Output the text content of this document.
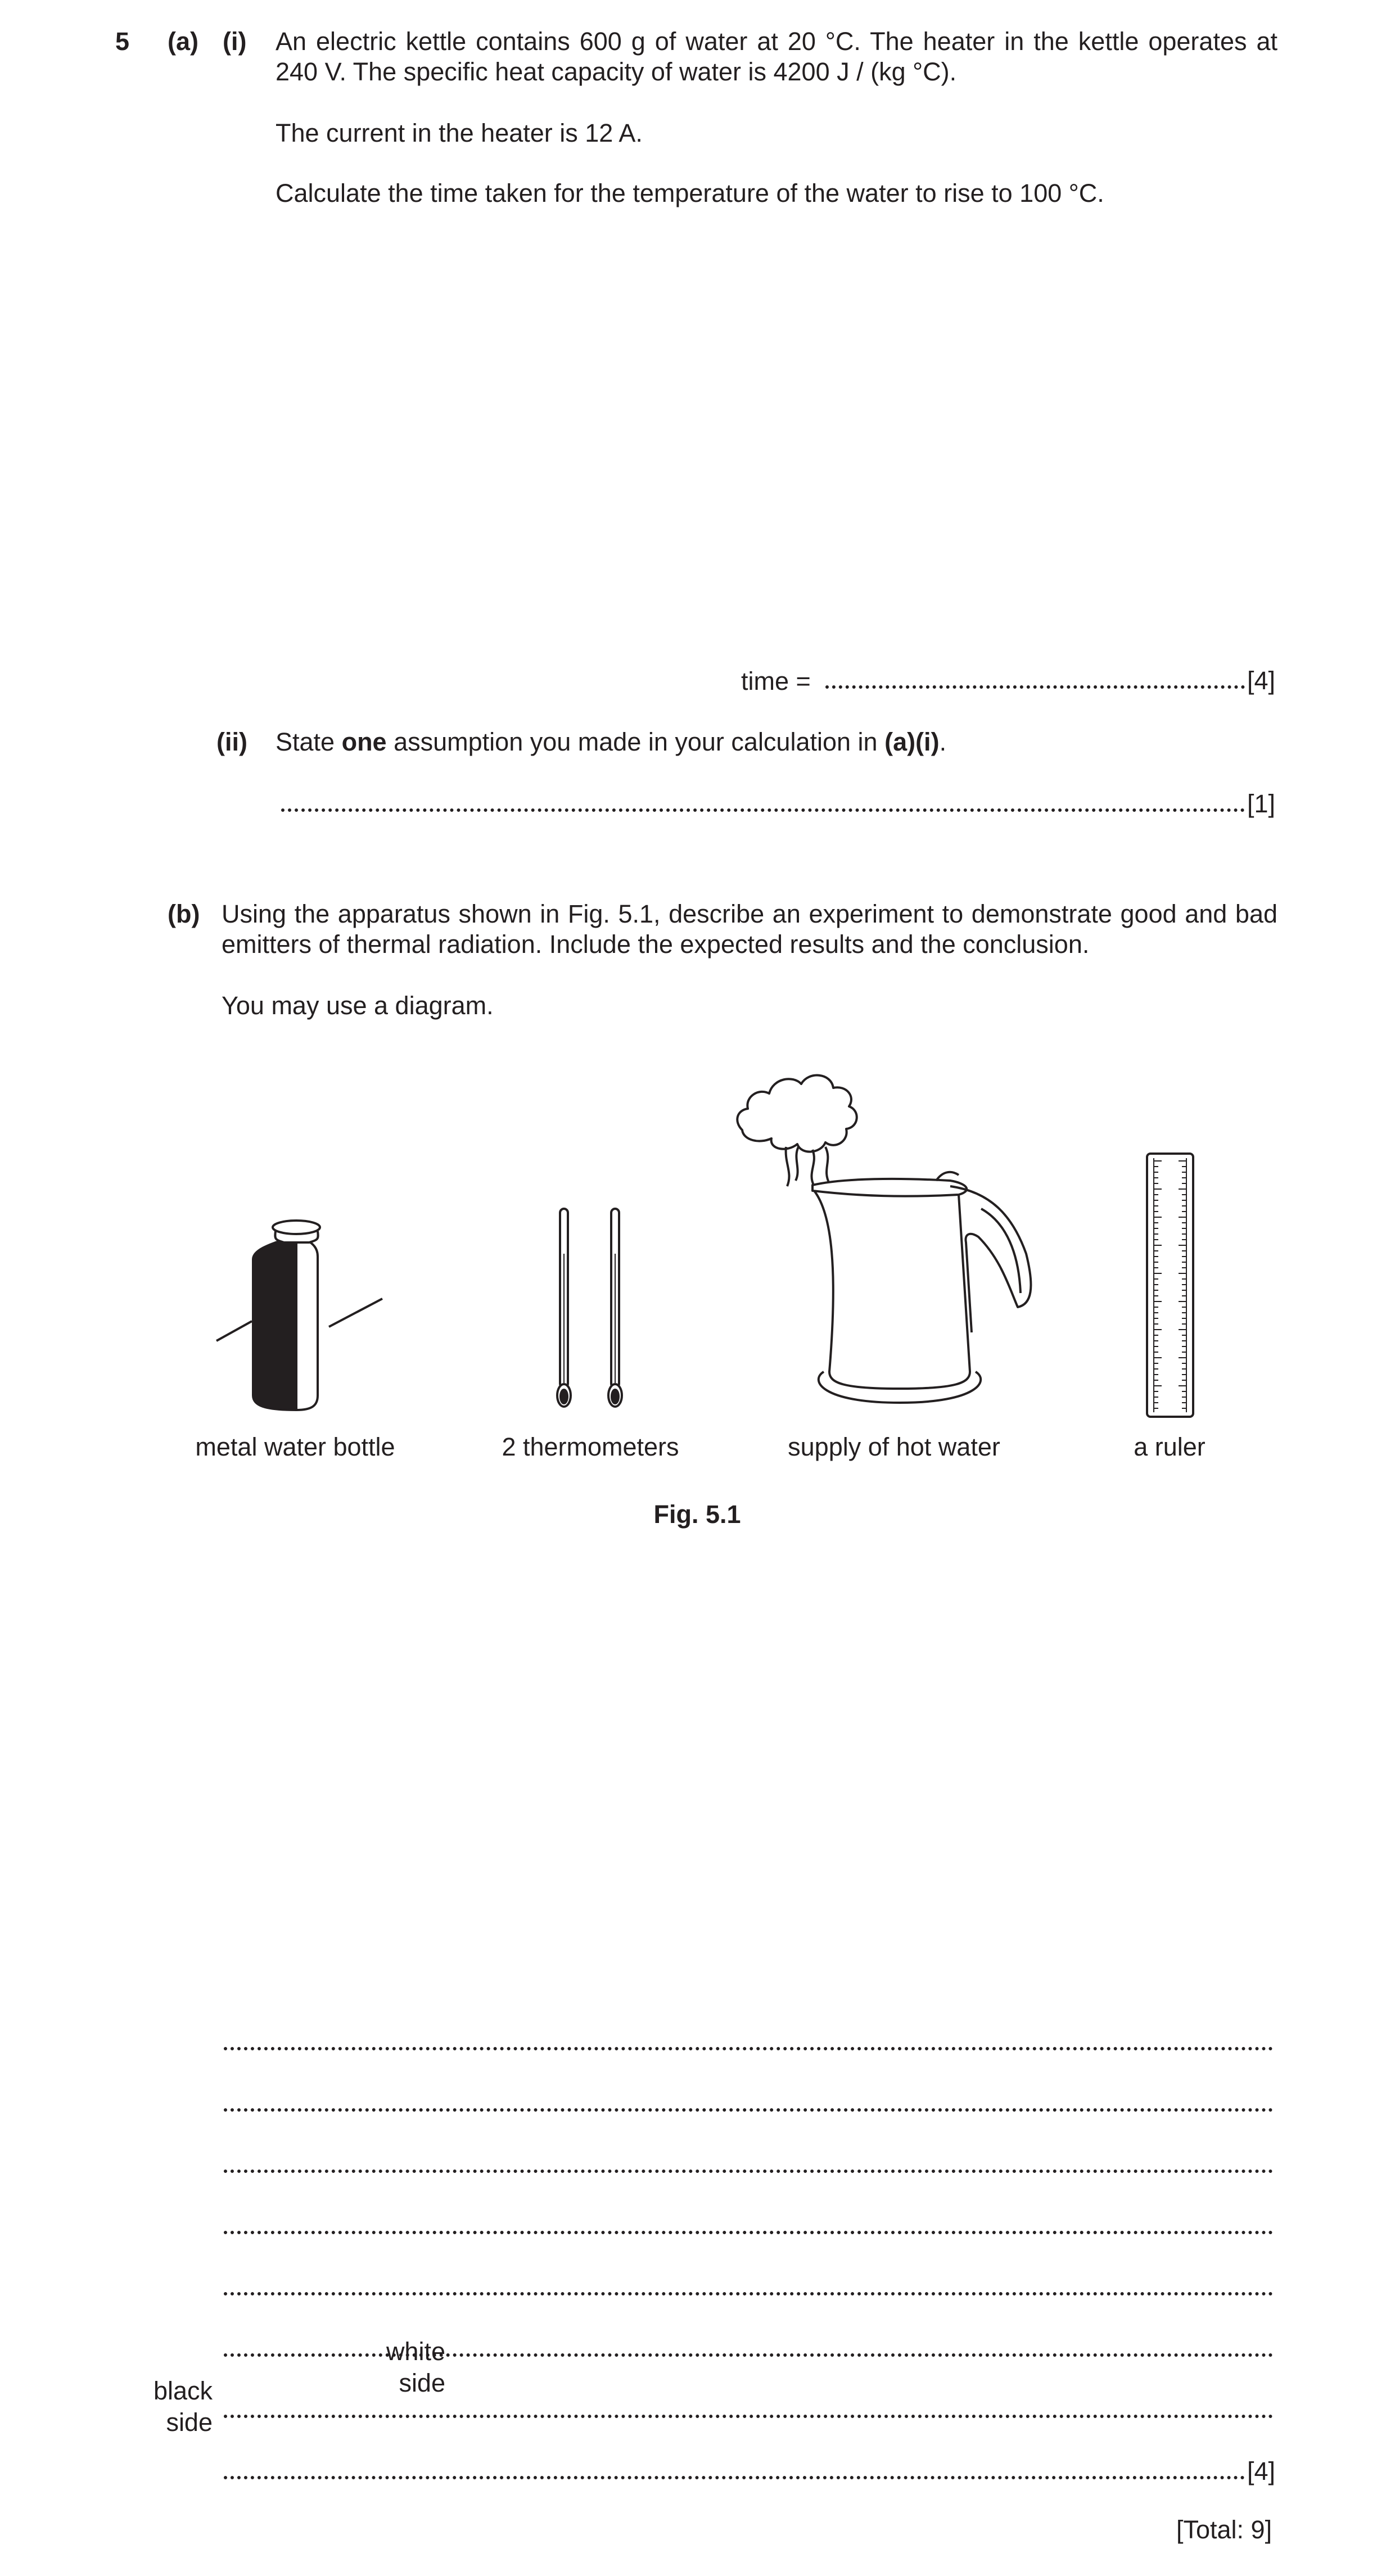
5 (a) (i) An electric kettle contains 600 g of water at 20 °C. The heater in the kettle operates at 240 V. The specific heat capacity of water is 4200 J / (kg °C).
The current in the heater is 12 A.
Calculate the time taken for the temperature of the water to rise to 100 °C.
time =	[4]
(ii) State one assumption you made in your calculation in (a)(i).
[1]
(b) Using the apparatus shown in Fig. 5.1, describe an experiment to demonstrate good and bad emitters of thermal radiation. Include the expected results and the conclusion.
You may use a diagram.
black
side
white
side
metal water bottle	2 thermometers	supply of hot water	a ruler
Fig. 5.1
[4]
[Total: 9]
